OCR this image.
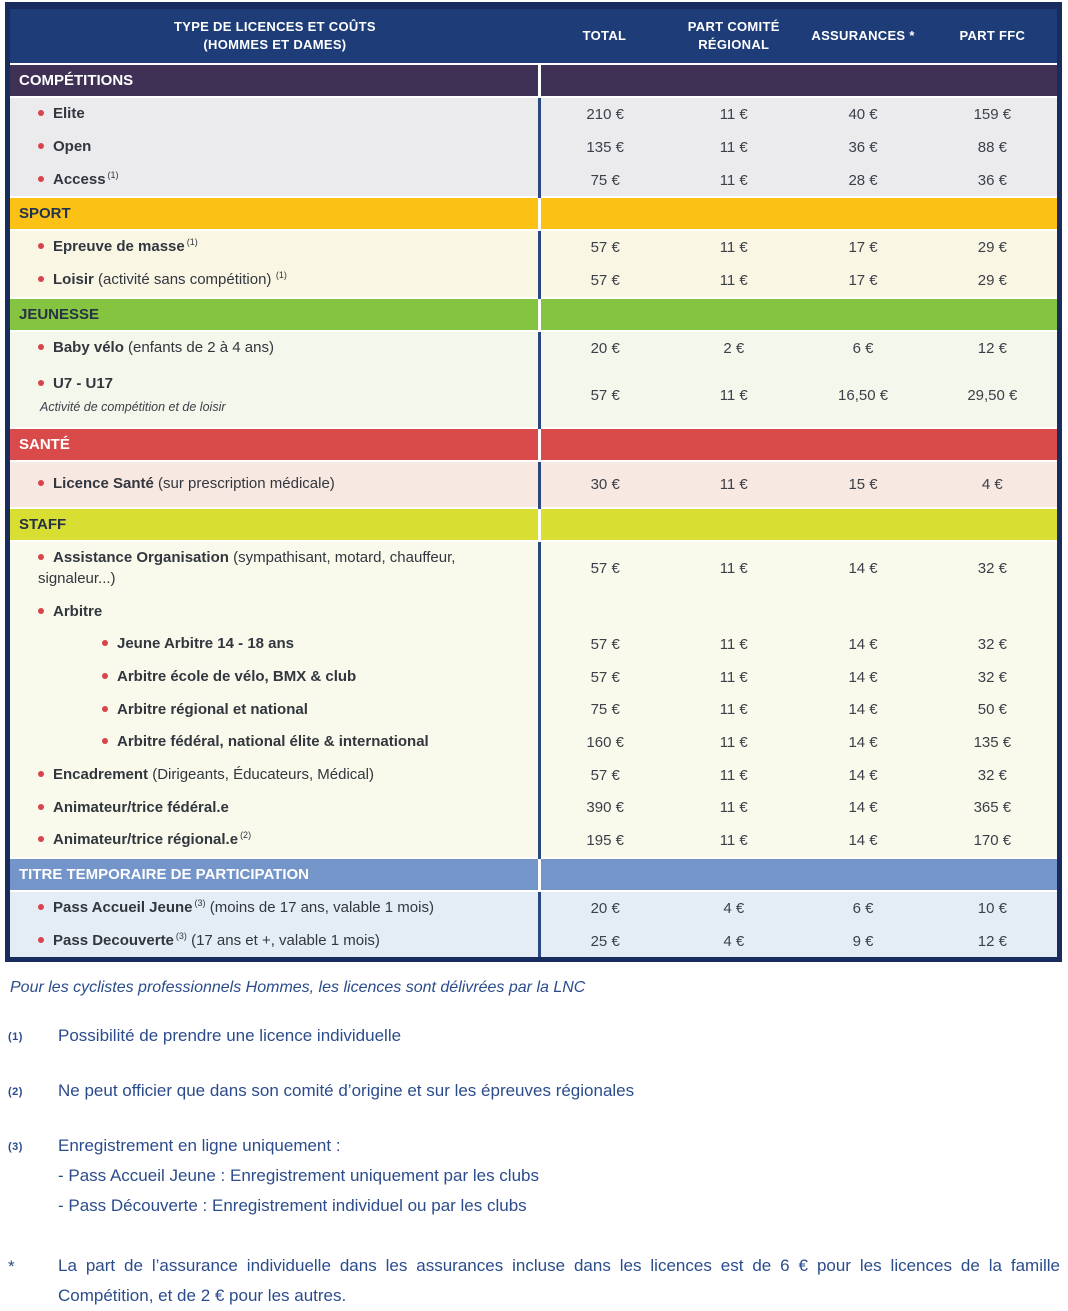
TYPE DE LICENCES ET COÛTS
(HOMMES ET DAMES)	TOTAL	PART COMITÉ RÉGIONAL	ASSURANCES *	PART FFC
COMPÉTITIONS				
Elite	210 €	11 €	40 €	159 €
Open	135 €	11 €	36 €	88 €
Access $^{(1)}$	75 €	11 €	28 €	36 €
SPORT				
Epreuve de masse $^{(1)}$	57 €	11 €	17 €	29 €
Loisir (activité sans compétition) $^{(1)}$	57 €	11 €	17 €	29 €
JEUNESSE				
Baby vélo (enfants de 2 à 4 ans)	20 €	2 €	6 €	12 €
U7 - U17
Activité de compétition et de loisir	57 €	11 €	16,50 €	29,50 €
SANTÉ				
Licence Santé (sur prescription médicale)	30 €	11 €	15 €	4 €
STAFF				
Assistance Organisation (sympathisant, motard, chauffeur, signaleur...)	57 €	11 €	14 €	32 €
Arbitre				
Jeune Arbitre 14 - 18 ans	57 €	11 €	14 €	32 €
Arbitre école de vélo, BMX & club	57 €	11 €	14 €	32 €
Arbitre régional et national	75 €	11 €	14 €	50 €
Arbitre fédéral, national élite & international	160 €	11 €	14 €	135 €
Encadrement (Dirigeants, Éducateurs, Médical)	57 €	11 €	14 €	32 €
Animateur/trice fédéral.e	390 €	11 €	14 €	365 €
Animateur/trice régional.e $^{(2)}$	195 €	11 €	14 €	170 €
TITRE TEMPORAIRE DE PARTICIPATION				
Pass Accueil Jeune $^{(3)}$ (moins de 17 ans, valable 1 mois)	20 €	4 €	6 €	10 €
Pass Decouverte $^{(3)}$ (17 ans et +, valable 1 mois)	25 €	4 €	9 €	12 €
Pour les cyclistes professionnels Hommes, les licences sont délivrées par la LNC
(1)	Possibilité de prendre une licence individuelle
(2)	Ne peut officier que dans son comité d’origine et sur les épreuves régionales
(3)	Enregistrement en ligne uniquement :
- Pass Accueil Jeune : Enregistrement uniquement par les clubs
- Pass Découverte : Enregistrement individuel ou par les clubs
*	La part de l’assurance individuelle dans les assurances incluse dans les licences est de 6 € pour les licences de la famille Compétition, et de 2 € pour les autres.
